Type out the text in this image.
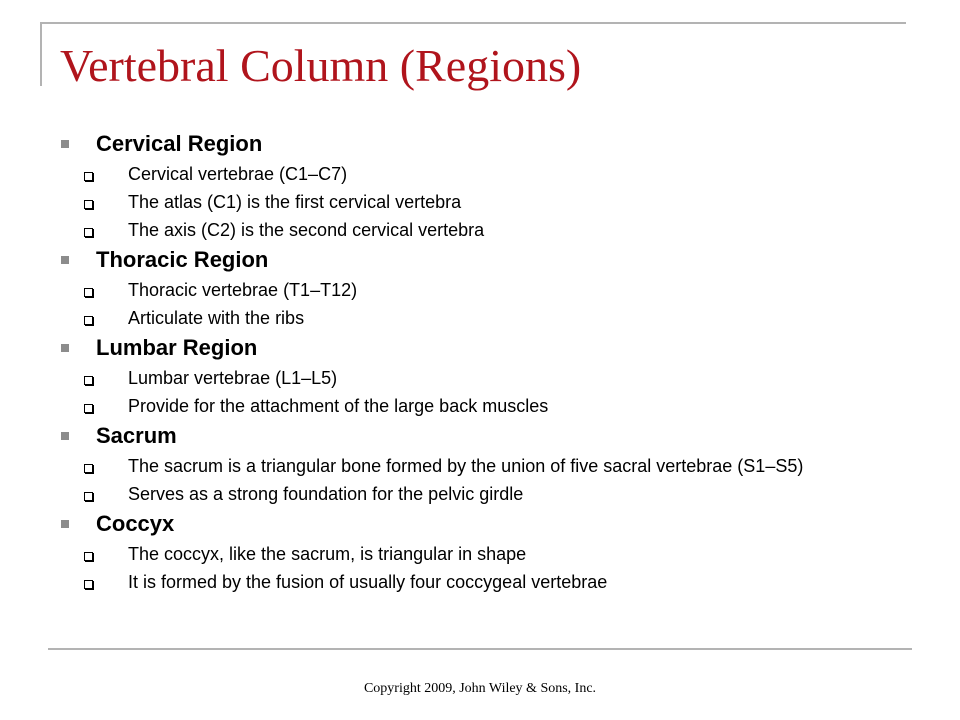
Vertebral Column (Regions)
Cervical Region
Cervical vertebrae (C1–C7)
The atlas (C1) is the first cervical vertebra
The axis (C2) is the second cervical vertebra
Thoracic Region
Thoracic vertebrae (T1–T12)
Articulate with the ribs
Lumbar Region
Lumbar vertebrae (L1–L5)
Provide for the attachment of the large back muscles
Sacrum
The sacrum is a triangular bone formed by the union of five sacral vertebrae (S1–S5)
Serves as a strong foundation for the pelvic girdle
Coccyx
The coccyx, like the sacrum, is triangular in shape
It is formed by the fusion of usually four coccygeal vertebrae
Copyright 2009, John Wiley & Sons, Inc.
